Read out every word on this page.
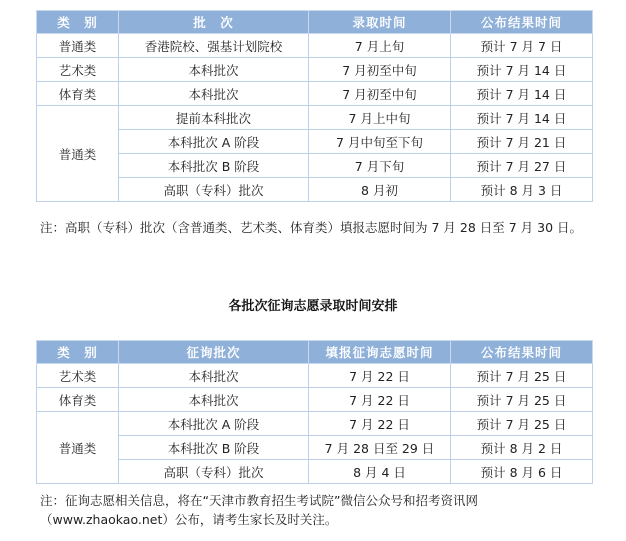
类　别	批　次	录取时间	公布结果时间
普通类	香港院校、强基计划院校	7 月上旬	预计 7 月 7 日
艺术类	本科批次	7 月初至中旬	预计 7 月 14 日
体育类	本科批次	7 月初至中旬	预计 7 月 14 日
普通类	提前本科批次	7 月上中旬	预计 7 月 14 日
	本科批次 A 阶段	7 月中旬至下旬	预计 7 月 21 日
	本科批次 B 阶段	7 月下旬	预计 7 月 27 日
	高职（专科）批次	8 月初	预计 8 月 3 日

注：高职（专科）批次（含普通类、艺术类、体育类）填报志愿时间为 7 月 28 日至 7 月 30 日。

各批次征询志愿录取时间安排

类　别	征询批次	填报征询志愿时间	公布结果时间
艺术类	本科批次	7 月 22 日	预计 7 月 25 日
体育类	本科批次	7 月 22 日	预计 7 月 25 日
普通类	本科批次 A 阶段	7 月 22 日	预计 7 月 25 日
	本科批次 B 阶段	7 月 28 日至 29 日	预计 8 月 2 日
	高职（专科）批次	8 月 4 日	预计 8 月 6 日

注：征询志愿相关信息，将在“天津市教育招生考试院”微信公众号和招考资讯网（www.zhaokao.net）公布，请考生家长及时关注。
